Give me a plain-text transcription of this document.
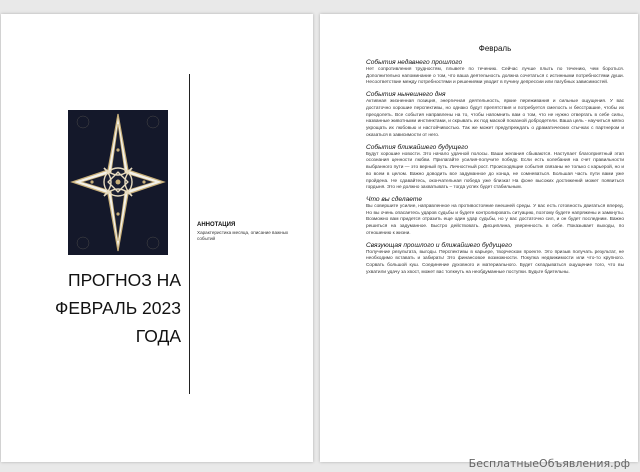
АННОТАЦИЯ
Характеристика месяца, описание важных событий
ПРОГНОЗ НА
ФЕВРАЛЬ 2023
ГОДА
Февраль
События недавнего прошлого
Нет сопротивления трудностям, плывете по течению. Сейчас лучше плыть по течению, чем бороться. Дополнительно напоминание о том, что ваша деятельность должна сочетаться с истинными потребностями души. Несоответствие между потребностями и решениями уводит в пучину депрессии или пагубных зависимостей.
События нынешнего дня
Активная жизненная позиция, энергичная деятельность, яркие переживания и сильные ощущения. У вас достаточно хорошие перспективы, но однако будут препятствия и потребуется смелость и бесстрашие, чтобы их преодолеть. Все события направлены на то, чтобы напомнить вам о том, что не нужно отвергать в себе силы, названные животными инстинктами, и скрывать их под маской показной добродетели. Ваша цель - научиться мягко укрощать их любовью и настойчивостью. Так же может предупреждать о драматических стычках с партнером и оказаться в зависимости от него.
События ближайшего будущего
Будут хорошие новости. Это начало удачной полосы. Ваши желания сбываются. Наступает благоприятный этап осознания ценности любви. Прилагайте усилия-получите победу. Если есть колебания на счет правильности выбранного пути — это верный путь. Личностный рост. Происходящие события связаны не только с карьерой, но и во всем в целом. Важно доводить все задуманное до конца, не сомневаться. Большая часть пути вами уже пройдена. Не сдавайтесь, окончательная победа уже близка! На фоне высоких достижений может появиться гордыня. Это не должно захватывать – тогда успех будет стабильным.
Что вы сделаете
Вы совершите усилие, направленное на противостояние внешней среды. У вас есть готовность двигаться вперед. Но вы очень опасаетесь ударов судьбы и будете контролировать ситуацию, поэтому будете напряжены и замкнуты. Возможно вам придется отразить еще один удар судьбы, но у вас достаточно сил, и он будет последним. Важно решиться на задуманное. Быстро действовать. Дисциплина, уверенность в себе. Показывает выходы, по отношению к жизни.
Связующая прошлого и ближайшего будущего
Получение результата, выгоды. Перспективы в карьере, творческом проекте. Это призыв получать результат, не необходимо вставать и забирать! Это финансовое возможности. Покупка недвижимости или что-то крупного. Сорвать большой куш. Соединение духовного и материального. Будет складываться ощущение того, что вы ухватили удачу за хвост, может вас толкнуть на необдуманные поступки. Будьте бдительны.
БесплатныеОбъявления.рф
